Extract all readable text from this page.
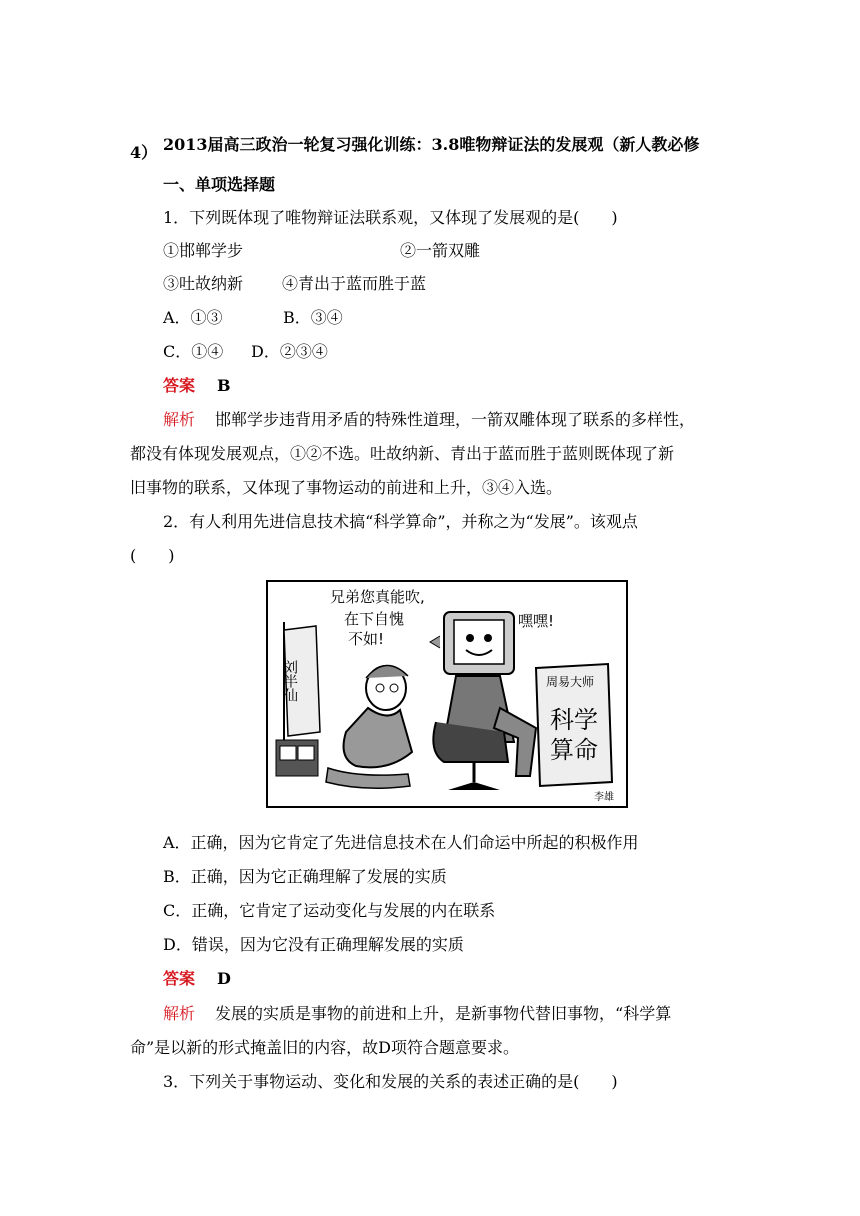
2013届高三政治一轮复习强化训练：3.8唯物辩证法的发展观（新人教必修
4）
一、单项选择题
1．下列既体现了唯物辩证法联系观，又体现了发展观的是(　　)
①邯郸学步	②一箭双雕
③吐故纳新 ④青出于蓝而胜于蓝
A．①③	B．③④
C．①④ D．②③④
答案 B
解析 邯郸学步违背用矛盾的特殊性道理，一箭双雕体现了联系的多样性，
都没有体现发展观点，①②不选。吐故纳新、青出于蓝而胜于蓝则既体现了新
旧事物的联系，又体现了事物运动的前进和上升，③④入选。
2．有人利用先进信息技术搞“科学算命”，并称之为“发展”。该观点
(　　)
刘半仙
兄弟您真能吹,
在下自愧
不如!
嘿嘿!
周易大师
科学
算命
李雄
A．正确，因为它肯定了先进信息技术在人们命运中所起的积极作用
B．正确，因为它正确理解了发展的实质
C．正确，它肯定了运动变化与发展的内在联系
D．错误，因为它没有正确理解发展的实质
答案 D
解析 发展的实质是事物的前进和上升，是新事物代替旧事物，“科学算
命”是以新的形式掩盖旧的内容，故D项符合题意要求。
3．下列关于事物运动、变化和发展的关系的表述正确的是(　　)
